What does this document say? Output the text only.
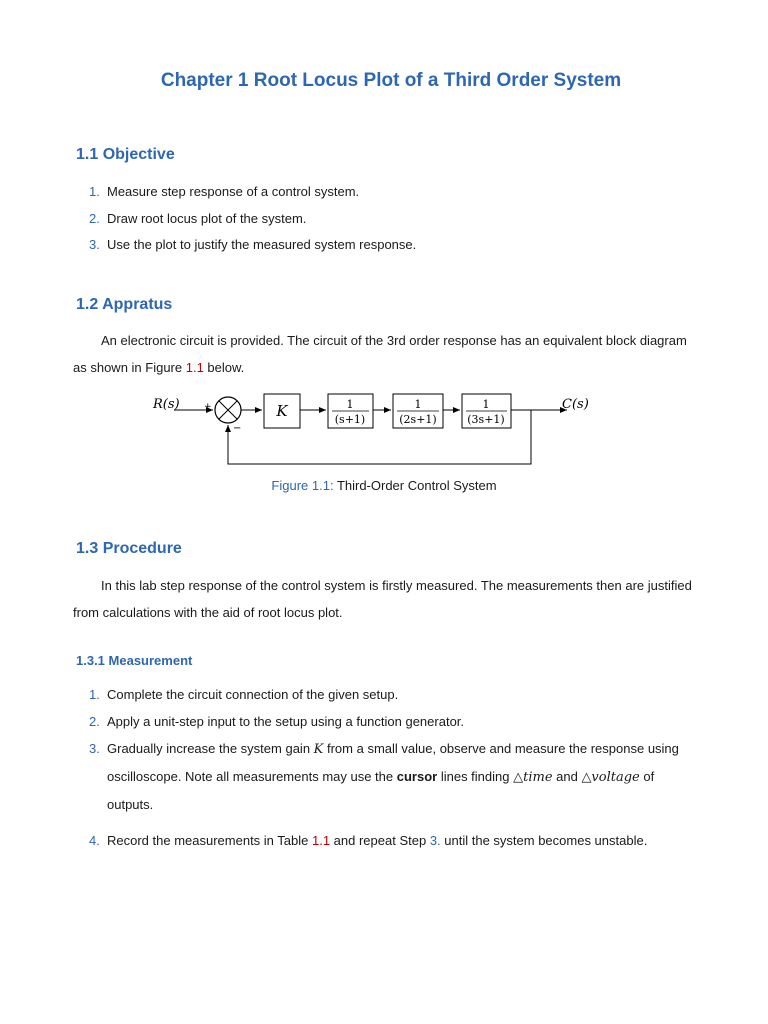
Chapter 1 Root Locus Plot of a Third Order System
1.1 Objective
1. Measure step response of a control system.
2. Draw root locus plot of the system.
3. Use the plot to justify the measured system response.
1.2 Appratus
An electronic circuit is provided. The circuit of the 3rd order response has an equivalent block diagram
as shown in Figure 1.1 below.
R(s)	C(s)
+
−
K	1
(s+1)
1
(2s+1)
1
(3s+1)
Figure 1.1: Third-Order Control System
1.3 Procedure
In this lab step response of the control system is firstly measured. The measurements then are justified
from calculations with the aid of root locus plot.
1.3.1 Measurement
1. Complete the circuit connection of the given setup.
2. Apply a unit-step input to the setup using a function generator.
3. Gradually increase the system gain K from a small value, observe and measure the response using
oscilloscope. Note all measurements may use the cursor lines finding △time and △voltage of
outputs.
4. Record the measurements in Table 1.1 and repeat Step 3. until the system becomes unstable.
